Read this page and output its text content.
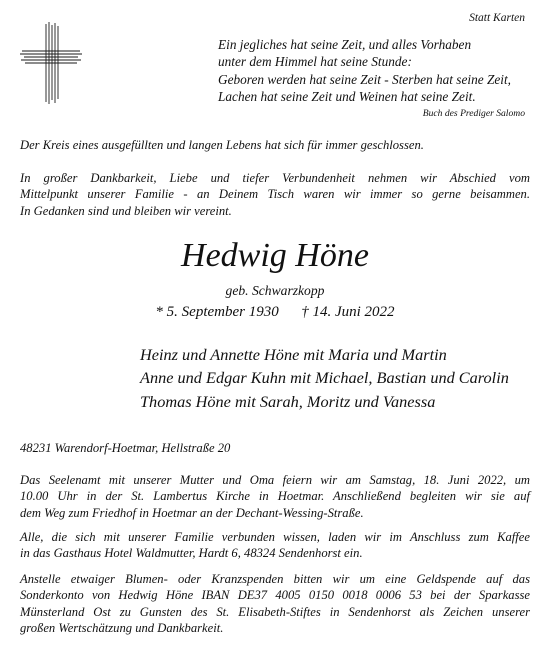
Statt Karten
Ein jegliches hat seine Zeit, und alles Vorhaben
unter dem Himmel hat seine Stunde:
Geboren werden hat seine Zeit - Sterben hat seine Zeit,
Lachen hat seine Zeit und Weinen hat seine Zeit.
Buch des Prediger Salomo
Der Kreis eines ausgefüllten und langen Lebens hat sich für immer geschlossen.
In großer Dankbarkeit, Liebe und tiefer Verbundenheit nehmen wir Abschied vom
Mittelpunkt unserer Familie - an Deinem Tisch waren wir immer so gerne beisammen.
In Gedanken sind und bleiben wir vereint.
Hedwig Höne
geb. Schwarzkopp
* 5. September 1930      † 14. Juni 2022
Heinz und Annette Höne mit Maria und Martin
Anne und Edgar Kuhn mit Michael, Bastian und Carolin
Thomas Höne mit Sarah, Moritz und Vanessa
48231 Warendorf-Hoetmar, Hellstraße 20
Das Seelenamt mit unserer Mutter und Oma feiern wir am Samstag, 18. Juni 2022, um
10.00 Uhr in der St. Lambertus Kirche in Hoetmar. Anschließend begleiten wir sie auf
dem Weg zum Friedhof in Hoetmar an der Dechant-Wessing-Straße.
Alle, die sich mit unserer Familie verbunden wissen, laden wir im Anschluss zum Kaffee
in das Gasthaus Hotel Waldmutter, Hardt 6, 48324 Sendenhorst ein.
Anstelle etwaiger Blumen- oder Kranzspenden bitten wir um eine Geldspende auf das
Sonderkonto von Hedwig Höne IBAN DE37 4005 0150 0018 0006 53 bei der Sparkasse
Münsterland Ost zu Gunsten des St. Elisabeth-Stiftes in Sendenhorst als Zeichen unserer
großen Wertschätzung und Dankbarkeit.
